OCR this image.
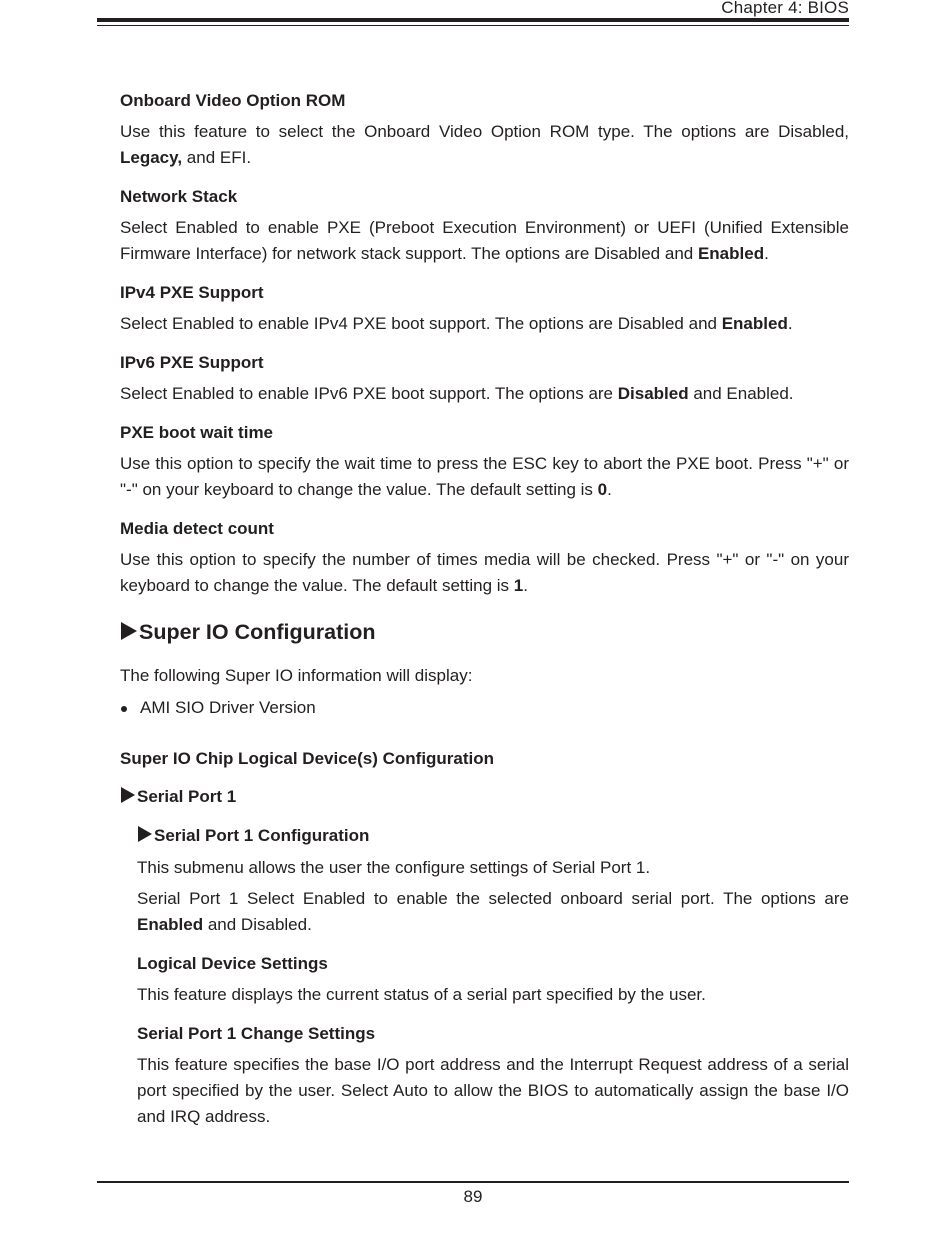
Chapter 4: BIOS
Onboard Video Option ROM

Use this feature to select the Onboard Video Option ROM type. The options are Disabled, Legacy, and EFI.

Network Stack

Select Enabled to enable PXE (Preboot Execution Environment) or UEFI (Unified Extensible Firmware Interface) for network stack support. The options are Disabled and Enabled.

IPv4 PXE Support

Select Enabled to enable IPv4 PXE boot support. The options are Disabled and Enabled.

IPv6 PXE Support

Select Enabled to enable IPv6 PXE boot support. The options are Disabled and Enabled.

PXE boot wait time

Use this option to specify the wait time to press the ESC key to abort the PXE boot. Press "+" or "-" on your keyboard to change the value. The default setting is 0.

Media detect count

Use this option to specify the number of times media will be checked. Press "+" or "-" on your keyboard to change the value. The default setting is 1.

Super IO Configuration

The following Super IO information will display:

AMI SIO Driver Version

Super IO Chip Logical Device(s) Configuration
Serial Port 1
Serial Port 1 Configuration

This submenu allows the user the configure settings of Serial Port 1.

Serial Port 1 Select Enabled to enable the selected onboard serial port. The options are Enabled and Disabled.

Logical Device Settings

This feature displays the current status of a serial part specified by the user.

Serial Port 1 Change Settings

This feature specifies the base I/O port address and the Interrupt Request address of a serial port specified by the user. Select Auto to allow the BIOS to automatically assign the base I/O and IRQ address.

89
